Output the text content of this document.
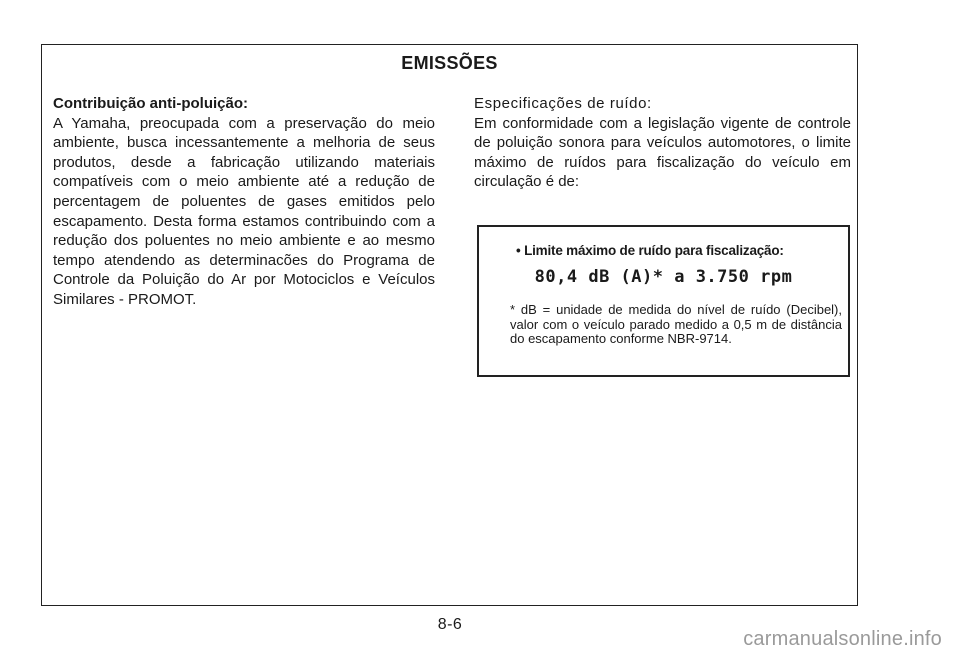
EMISSÕES
Contribuição anti-poluição:
A Yamaha, preocupada com a preservação do meio ambiente, busca incessantemente a melhoria de seus produtos, desde a fabricação utilizando materiais compatíveis com o meio ambiente até a redução de percentagem de poluentes de gases emitidos pelo escapamento. Desta forma estamos contribuindo com a redução dos poluentes no meio ambiente e ao mesmo tempo atendendo as determinacões do Programa de Controle da Poluição do Ar por Motociclos e Veículos Similares - PROMOT.
Especificações de ruído:
Em conformidade com a legislação vigente de controle de poluição sonora para veículos automotores, o limite máximo de ruídos para fiscalização do veículo em circulação é de:
• Limite máximo de ruído para fiscalização:
80,4 dB (A)* a 3.750 rpm
* dB = unidade de medida do nível de ruído (Decibel), valor com o veículo parado medido a 0,5 m de distância do escapamento conforme NBR-9714.
8-6
carmanualsonline.info
